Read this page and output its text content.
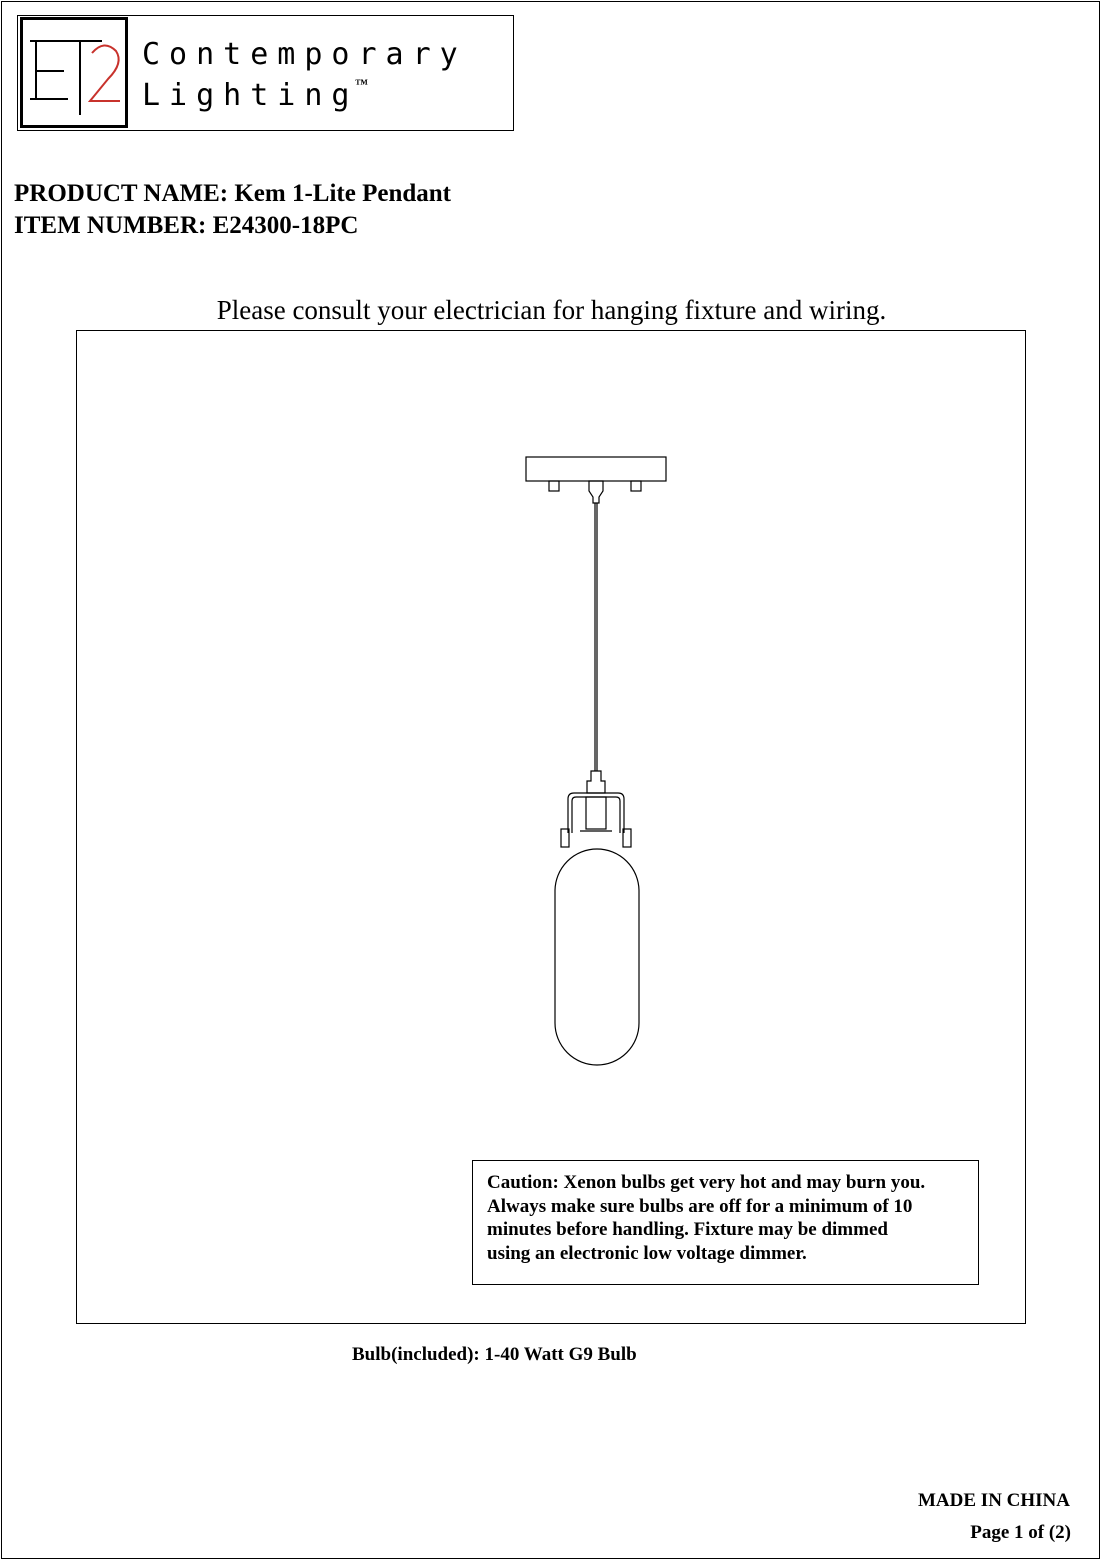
Contemporary
Lighting
™
PRODUCT NAME: Kem 1-Lite Pendant
ITEM NUMBER: E24300-18PC
Please consult your electrician for hanging fixture and wiring.
Caution: Xenon bulbs get very hot and may burn you.
Always make sure bulbs are off for a minimum of 10
minutes before handling. Fixture may be dimmed
using an electronic low voltage dimmer.
Bulb(included): 1-40 Watt G9 Bulb
MADE IN CHINA
Page 1 of (2)
